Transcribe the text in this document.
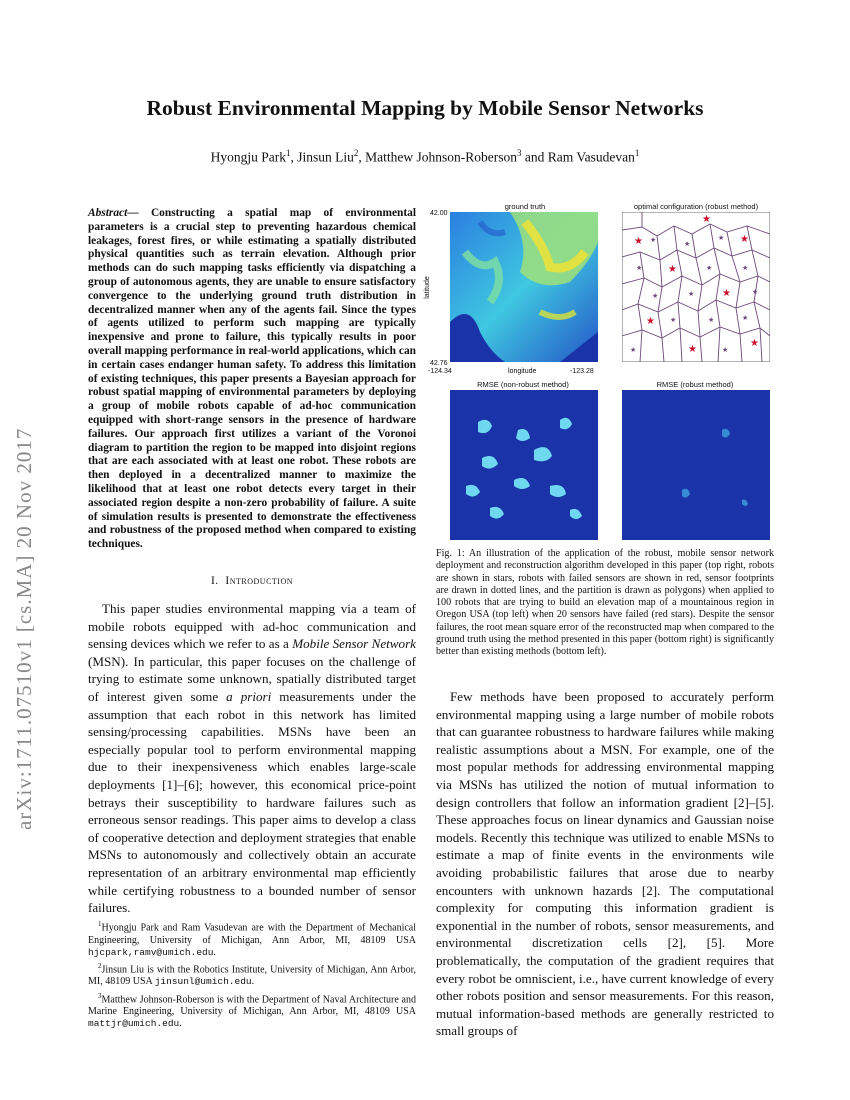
arXiv:1711.07510v1 [cs.MA] 20 Nov 2017
Robust Environmental Mapping by Mobile Sensor Networks
Hyongju Park$^1$, Jinsun Liu$^2$, Matthew Johnson-Roberson$^3$ and Ram Vasudevan$^1$
Abstract— Constructing a spatial map of environmental parameters is a crucial step to preventing hazardous chemical leakages, forest fires, or while estimating a spatially distributed physical quantities such as terrain elevation. Although prior methods can do such mapping tasks efficiently via dispatching a group of autonomous agents, they are unable to ensure satisfactory convergence to the underlying ground truth distribution in decentralized manner when any of the agents fail. Since the types of agents utilized to perform such mapping are typically inexpensive and prone to failure, this typically results in poor overall mapping performance in real-world applications, which can in certain cases endanger human safety. To address this limitation of existing techniques, this paper presents a Bayesian approach for robust spatial mapping of environmental parameters by deploying a group of mobile robots capable of ad-hoc communication equipped with short-range sensors in the presence of hardware failures. Our approach first utilizes a variant of the Voronoi diagram to partition the region to be mapped into disjoint regions that are each associated with at least one robot. These robots are then deployed in a decentralized manner to maximize the likelihood that at least one robot detects every target in their associated region despite a non-zero probability of failure. A suite of simulation results is presented to demonstrate the effectiveness and robustness of the proposed method when compared to existing techniques.
I. Introduction
This paper studies environmental mapping via a team of mobile robots equipped with ad-hoc communication and sensing devices which we refer to as a Mobile Sensor Network (MSN). In particular, this paper focuses on the challenge of trying to estimate some unknown, spatially distributed target of interest given some a priori measurements under the assumption that each robot in this network has limited sensing/processing capabilities. MSNs have been an especially popular tool to perform environmental mapping due to their inexpensiveness which enables large-scale deployments [1]–[6]; however, this economical price-point betrays their susceptibility to hardware failures such as erroneous sensor readings. This paper aims to develop a class of cooperative detection and deployment strategies that enable MSNs to autonomously and collectively obtain an accurate representation of an arbitrary environmental map efficiently while certifying robustness to a bounded number of sensor failures.

$^1$Hyongju Park and Ram Vasudevan are with the Department of Mechanical Engineering, University of Michigan, Ann Arbor, MI, 48109 USA hjcpark,ramv@umich.edu.

$^2$Jinsun Liu is with the Robotics Institute, University of Michigan, Ann Arbor, MI, 48109 USA jinsunl@umich.edu.

$^3$Matthew Johnson-Roberson is with the Department of Naval Architecture and Marine Engineering, University of Michigan, Ann Arbor, MI, 48109 USA mattjr@umich.edu.

ground truth	optimal configuration (robust method)
RMSE (non-robust method)	RMSE (robust method)
42.00
42.76
-124.34	-123.28
longitude
latitude
★
★
★
★
★
★
★
★
★	★
★
★	★	★
★	★	★
★	★	★
★	★
Fig. 1: An illustration of the application of the robust, mobile sensor network deployment and reconstruction algorithm developed in this paper (top right, robots are shown in stars, robots with failed sensors are shown in red, sensor footprints are drawn in dotted lines, and the partition is drawn as polygons) when applied to 100 robots that are trying to build an elevation map of a mountainous region in Oregon USA (top left) when 20 sensors have failed (red stars). Despite the sensor failures, the root mean square error of the reconstructed map when compared to the ground truth using the method presented in this paper (bottom right) is significantly better than existing methods (bottom left).
Few methods have been proposed to accurately perform environmental mapping using a large number of mobile robots that can guarantee robustness to hardware failures while making realistic assumptions about a MSN. For example, one of the most popular methods for addressing environmental mapping via MSNs has utilized the notion of mutual information to design controllers that follow an information gradient [2]–[5]. These approaches focus on linear dynamics and Gaussian noise models. Recently this technique was utilized to enable MSNs to estimate a map of finite events in the environments wile avoiding probabilistic failures that arose due to nearby encounters with unknown hazards [2]. The computational complexity for computing this information gradient is exponential in the number of robots, sensor measurements, and environmental discretization cells [2], [5]. More problematically, the computation of the gradient requires that every robot be omniscient, i.e., have current knowledge of every other robots position and sensor measurements. For this reason, mutual information-based methods are generally restricted to small groups of
